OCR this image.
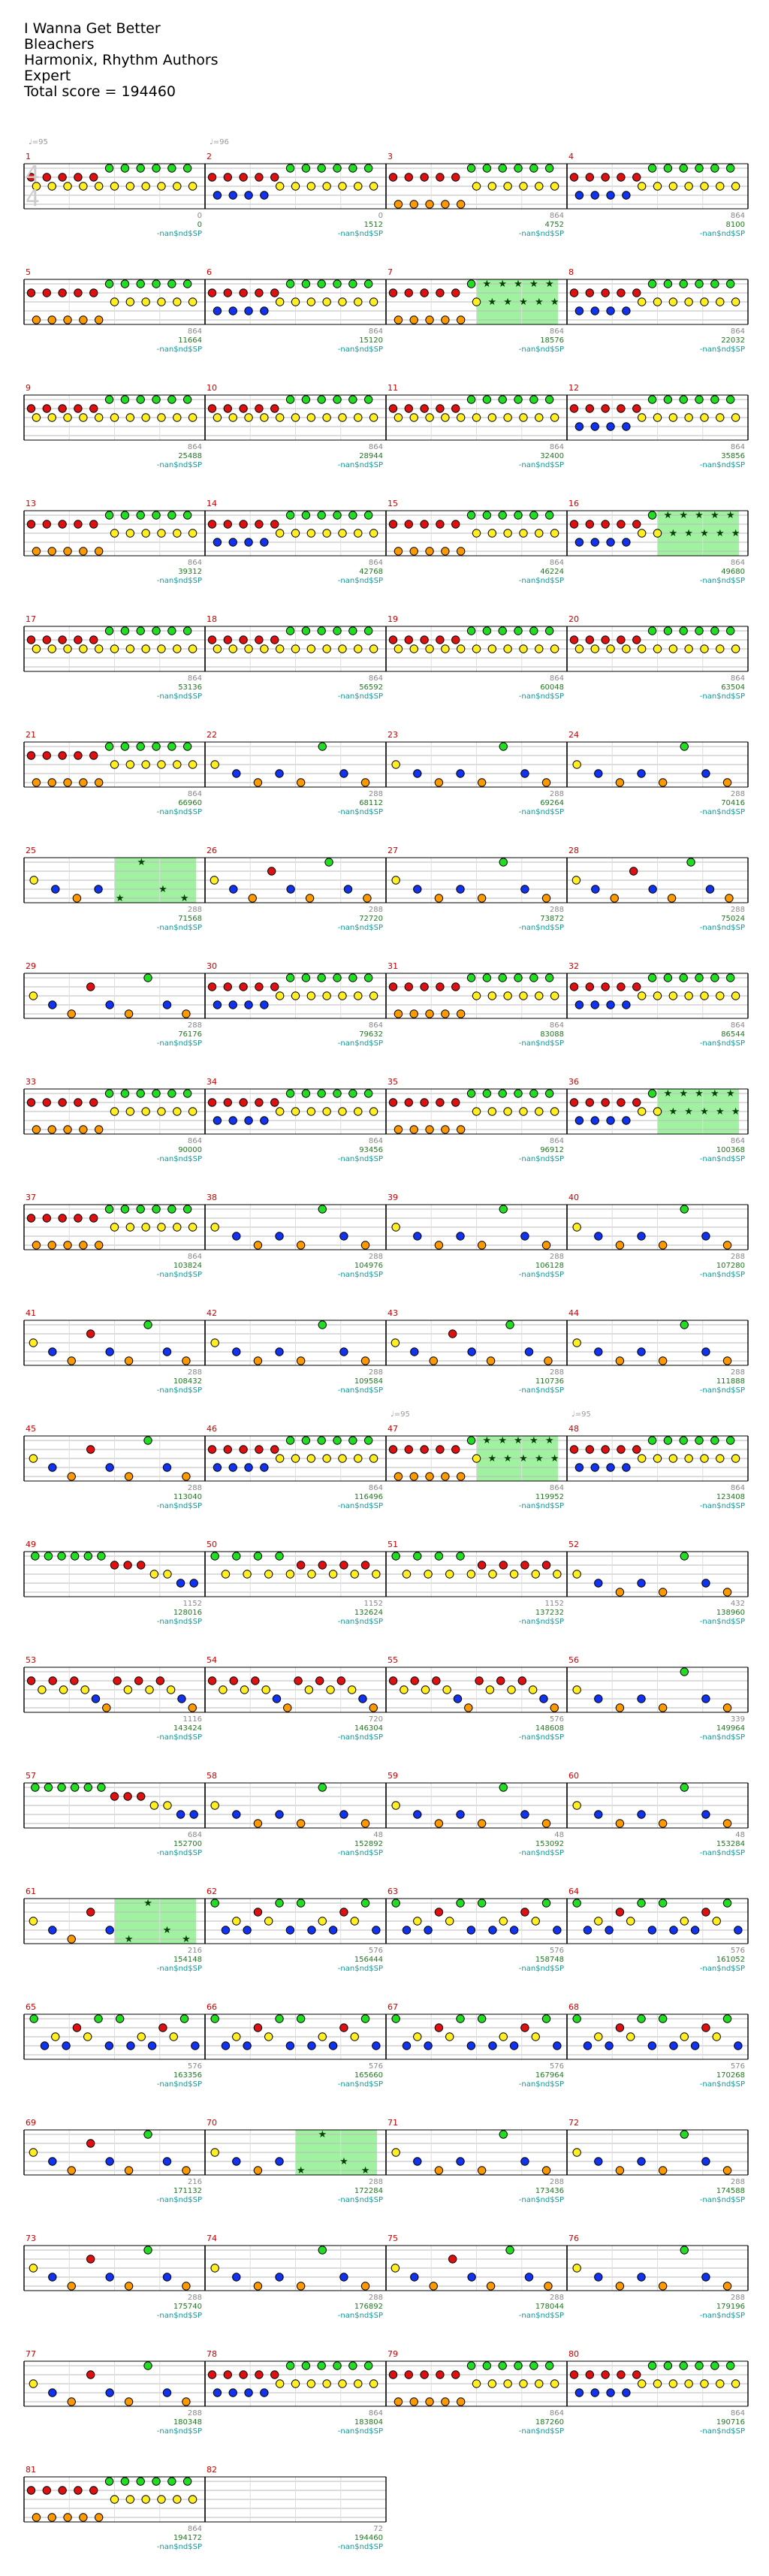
I Wanna Get Better
Bleachers
Harmonix, Rhythm Authors
Expert
Total score = 194460
4
4
1
0
0
-nan$nd$SP
2
0
1512
-nan$nd$SP
3
864
4752
-nan$nd$SP
4
864
8100
-nan$nd$SP
5
864
11664
-nan$nd$SP
6
864
15120
-nan$nd$SP
7
864
18576
-nan$nd$SP
★
★
★
★
★
★
★
★
★
★
8
864
22032
-nan$nd$SP
9
864
25488
-nan$nd$SP
10
864
28944
-nan$nd$SP
11
864
32400
-nan$nd$SP
12
864
35856
-nan$nd$SP
13
864
39312
-nan$nd$SP
14
864
42768
-nan$nd$SP
15
864
46224
-nan$nd$SP
16
864
49680
-nan$nd$SP
★
★
★
★
★
★
★
★
★
★
17
864
53136
-nan$nd$SP
18
864
56592
-nan$nd$SP
19
864
60048
-nan$nd$SP
20
864
63504
-nan$nd$SP
21
864
66960
-nan$nd$SP
22
288
68112
-nan$nd$SP
23
288
69264
-nan$nd$SP
24
288
70416
-nan$nd$SP
25
288
71568
-nan$nd$SP
★
★
★
★
26
288
72720
-nan$nd$SP
27
288
73872
-nan$nd$SP
28
288
75024
-nan$nd$SP
29
288
76176
-nan$nd$SP
30
864
79632
-nan$nd$SP
31
864
83088
-nan$nd$SP
32
864
86544
-nan$nd$SP
33
864
90000
-nan$nd$SP
34
864
93456
-nan$nd$SP
35
864
96912
-nan$nd$SP
36
864
100368
-nan$nd$SP
★
★
★
★
★
★
★
★
★
★
37
864
103824
-nan$nd$SP
38
288
104976
-nan$nd$SP
39
288
106128
-nan$nd$SP
40
288
107280
-nan$nd$SP
41
288
108432
-nan$nd$SP
42
288
109584
-nan$nd$SP
43
288
110736
-nan$nd$SP
44
288
111888
-nan$nd$SP
45
288
113040
-nan$nd$SP
46
864
116496
-nan$nd$SP
47
864
119952
-nan$nd$SP
★
★
★
★
★
★
★
★
★
★
48
864
123408
-nan$nd$SP
49
1152
128016
-nan$nd$SP
50
1152
132624
-nan$nd$SP
51
1152
137232
-nan$nd$SP
52
432
138960
-nan$nd$SP
53
1116
143424
-nan$nd$SP
54
720
146304
-nan$nd$SP
55
576
148608
-nan$nd$SP
56
339
149964
-nan$nd$SP
57
684
152700
-nan$nd$SP
58
48
152892
-nan$nd$SP
59
48
153092
-nan$nd$SP
60
48
153284
-nan$nd$SP
61
216
154148
-nan$nd$SP
★
★
★
★
62
576
156444
-nan$nd$SP
63
576
158748
-nan$nd$SP
64
576
161052
-nan$nd$SP
65
576
163356
-nan$nd$SP
66
576
165660
-nan$nd$SP
67
576
167964
-nan$nd$SP
68
576
170268
-nan$nd$SP
69
216
171132
-nan$nd$SP
70
288
172284
-nan$nd$SP
★
★
★
★
71
288
173436
-nan$nd$SP
72
288
174588
-nan$nd$SP
73
288
175740
-nan$nd$SP
74
288
176892
-nan$nd$SP
75
288
178044
-nan$nd$SP
76
288
179196
-nan$nd$SP
77
288
180348
-nan$nd$SP
78
864
183804
-nan$nd$SP
79
864
187260
-nan$nd$SP
80
864
190716
-nan$nd$SP
81
864
194172
-nan$nd$SP
82
72
194460
-nan$nd$SP
♩=95	♩=96
♩=95	♩=95
